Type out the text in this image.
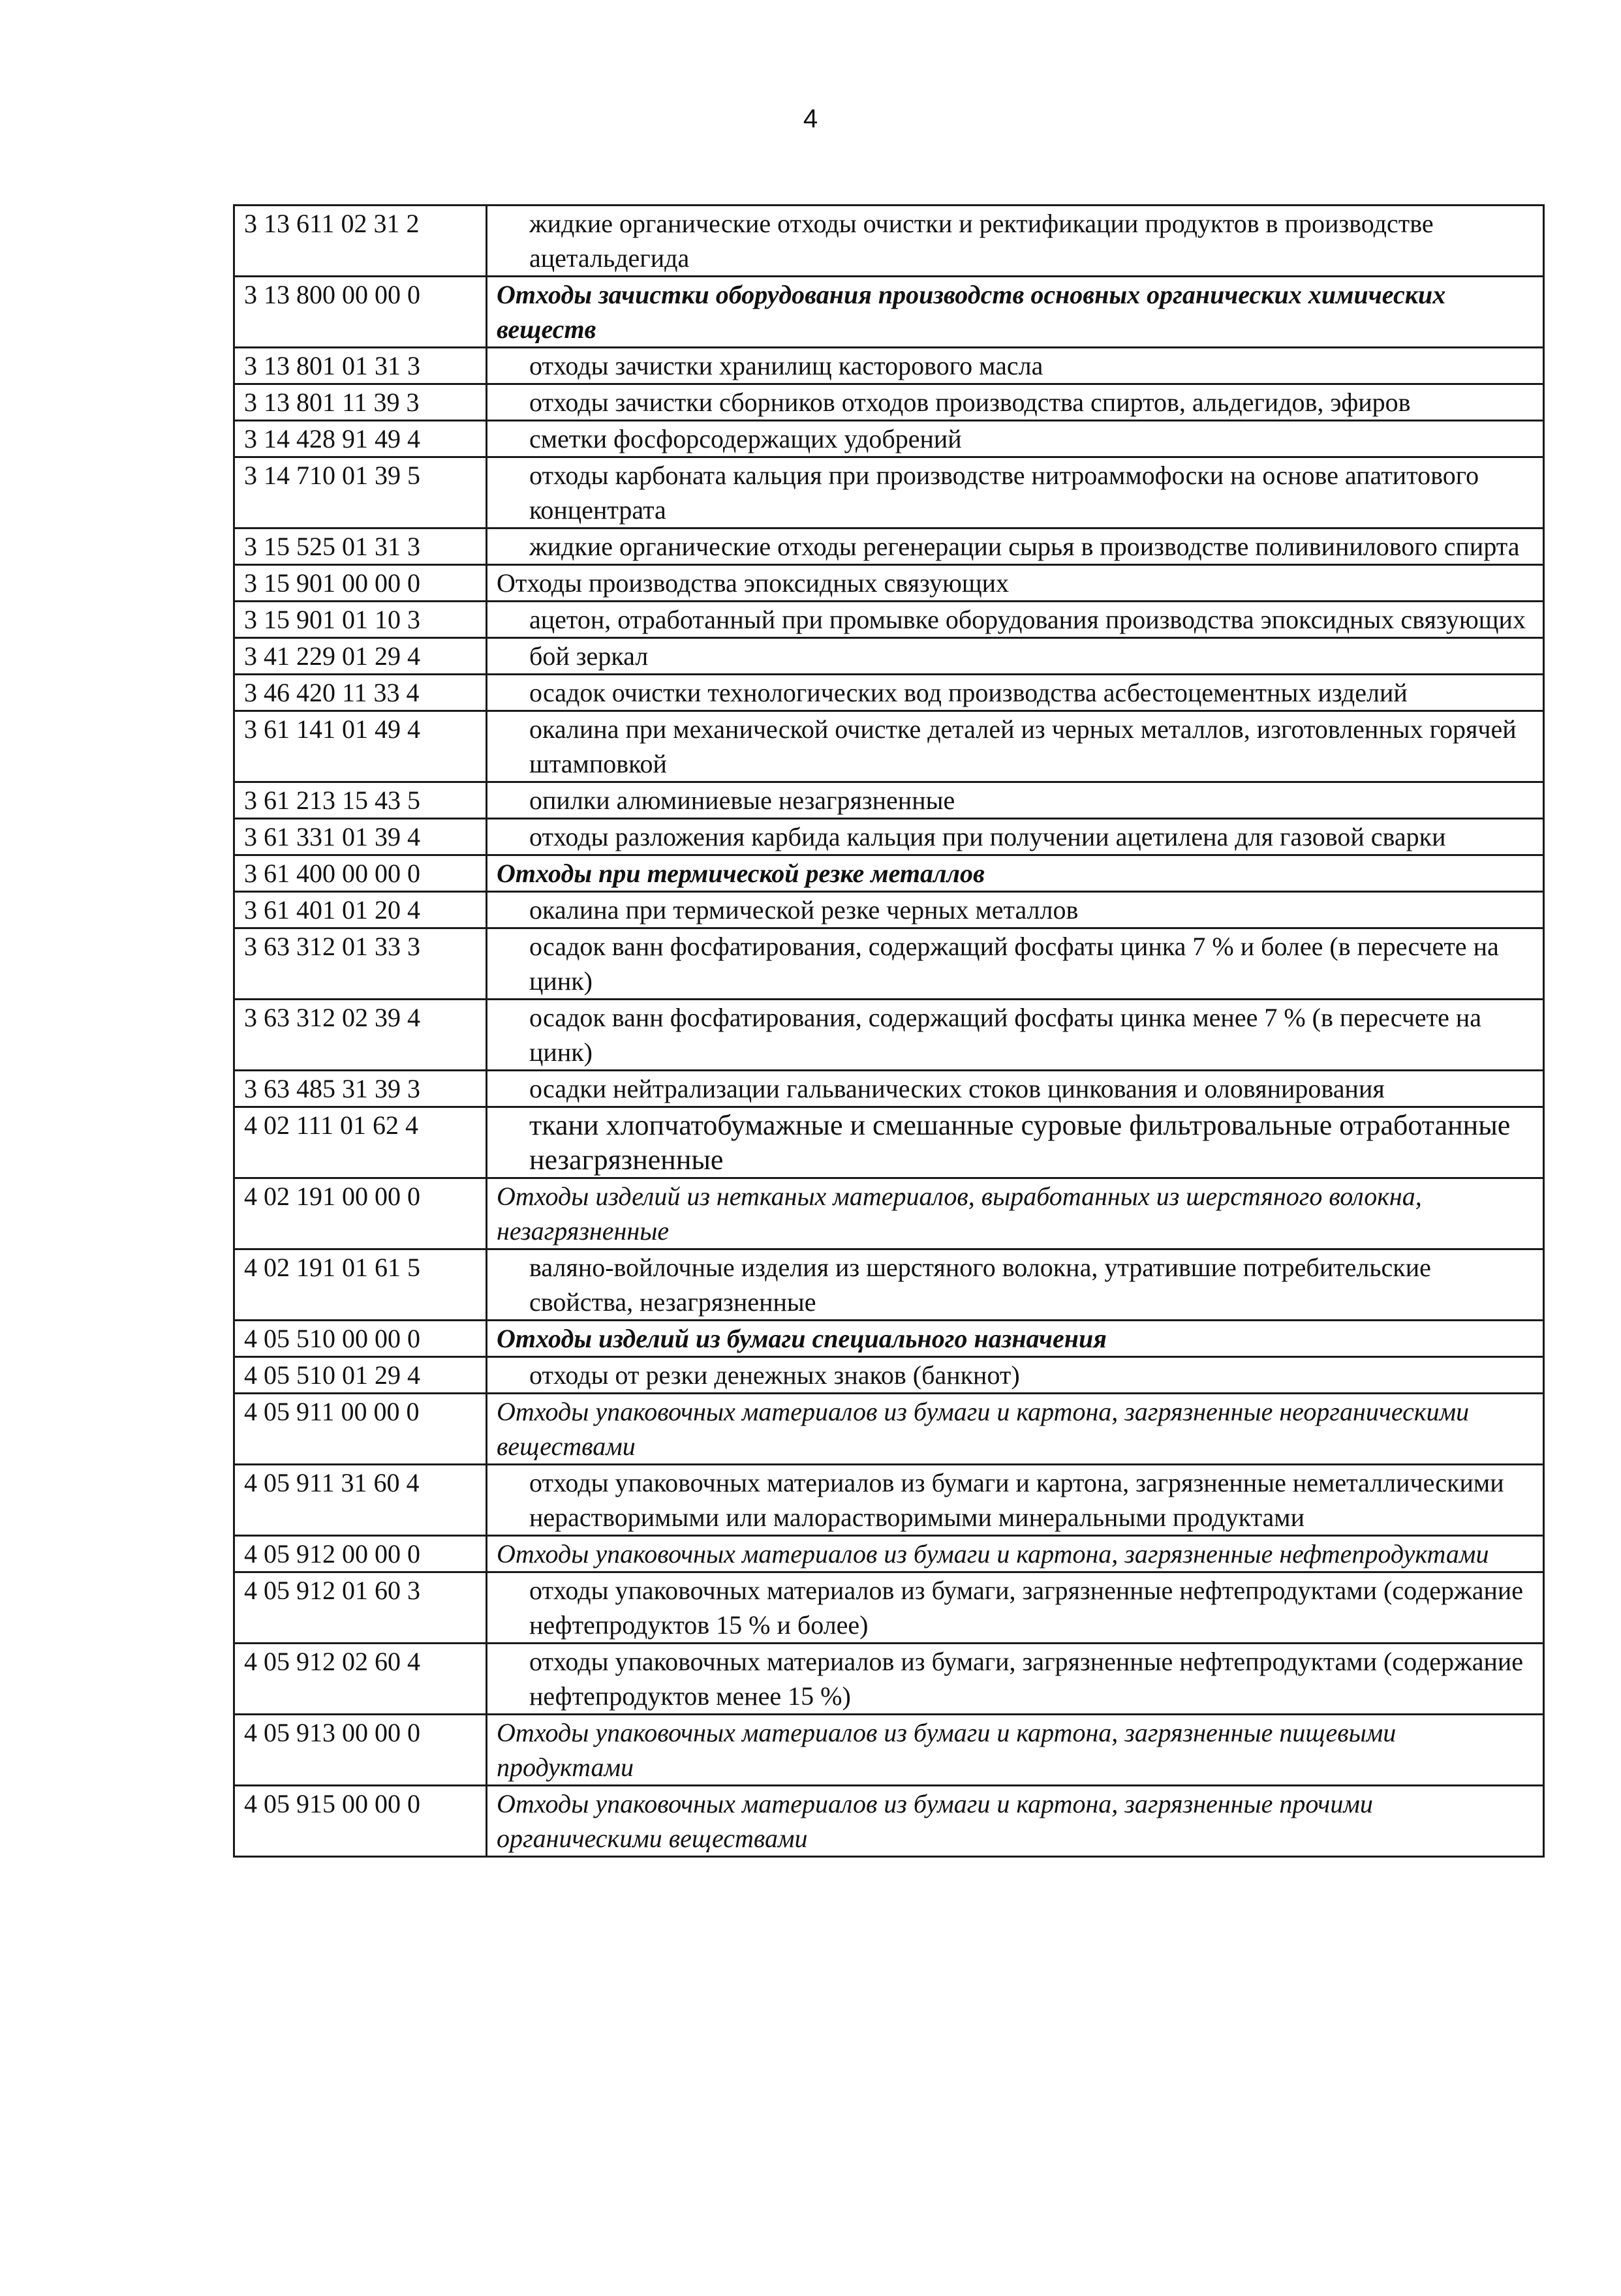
4
3 13 611 02 31 2	жидкие органические отходы очистки и ректификации продуктов в производстве ацетальдегида
3 13 800 00 00 0	Отходы зачистки оборудования производств основных органических химических веществ
3 13 801 01 31 3	отходы зачистки хранилищ касторового масла
3 13 801 11 39 3	отходы зачистки сборников отходов производства спиртов, альдегидов, эфиров
3 14 428 91 49 4	сметки фосфорсодержащих удобрений
3 14 710 01 39 5	отходы карбоната кальция при производстве нитроаммофоски на основе апатитового концентрата
3 15 525 01 31 3	жидкие органические отходы регенерации сырья в производстве поливинилового спирта
3 15 901 00 00 0	Отходы производства эпоксидных связующих
3 15 901 01 10 3	ацетон, отработанный при промывке оборудования производства эпоксидных связующих
3 41 229 01 29 4	бой зеркал
3 46 420 11 33 4	осадок очистки технологических вод производства асбестоцементных изделий
3 61 141 01 49 4	окалина при механической очистке деталей из черных металлов, изготовленных горячей штамповкой
3 61 213 15 43 5	опилки алюминиевые незагрязненные
3 61 331 01 39 4	отходы разложения карбида кальция при получении ацетилена для газовой сварки
3 61 400 00 00 0	Отходы при термической резке металлов
3 61 401 01 20 4	окалина при термической резке черных металлов
3 63 312 01 33 3	осадок ванн фосфатирования, содержащий фосфаты цинка 7 % и более (в пересчете на цинк)
3 63 312 02 39 4	осадок ванн фосфатирования, содержащий фосфаты цинка менее 7 % (в пересчете на цинк)
3 63 485 31 39 3	осадки нейтрализации гальванических стоков цинкования и оловянирования
4 02 111 01 62 4	ткани хлопчатобумажные и смешанные суровые фильтровальные отработанные незагрязненные
4 02 191 00 00 0	Отходы изделий из нетканых материалов, выработанных из шерстяного волокна, незагрязненные
4 02 191 01 61 5	валяно-войлочные изделия из шерстяного волокна, утратившие потребительские свойства, незагрязненные
4 05 510 00 00 0	Отходы изделий из бумаги специального назначения
4 05 510 01 29 4	отходы от резки денежных знаков (банкнот)
4 05 911 00 00 0	Отходы упаковочных материалов из бумаги и картона, загрязненные неорганическими веществами
4 05 911 31 60 4	отходы упаковочных материалов из бумаги и картона, загрязненные неметаллическими нерастворимыми или малорастворимыми минеральными продуктами
4 05 912 00 00 0	Отходы упаковочных материалов из бумаги и картона, загрязненные нефтепродуктами
4 05 912 01 60 3	отходы упаковочных материалов из бумаги, загрязненные нефтепродуктами (содержание нефтепродуктов 15 % и более)
4 05 912 02 60 4	отходы упаковочных материалов из бумаги, загрязненные нефтепродуктами (содержание нефтепродуктов менее 15 %)
4 05 913 00 00 0	Отходы упаковочных материалов из бумаги и картона, загрязненные пищевыми продуктами
4 05 915 00 00 0	Отходы упаковочных материалов из бумаги и картона, загрязненные прочими органическими веществами
